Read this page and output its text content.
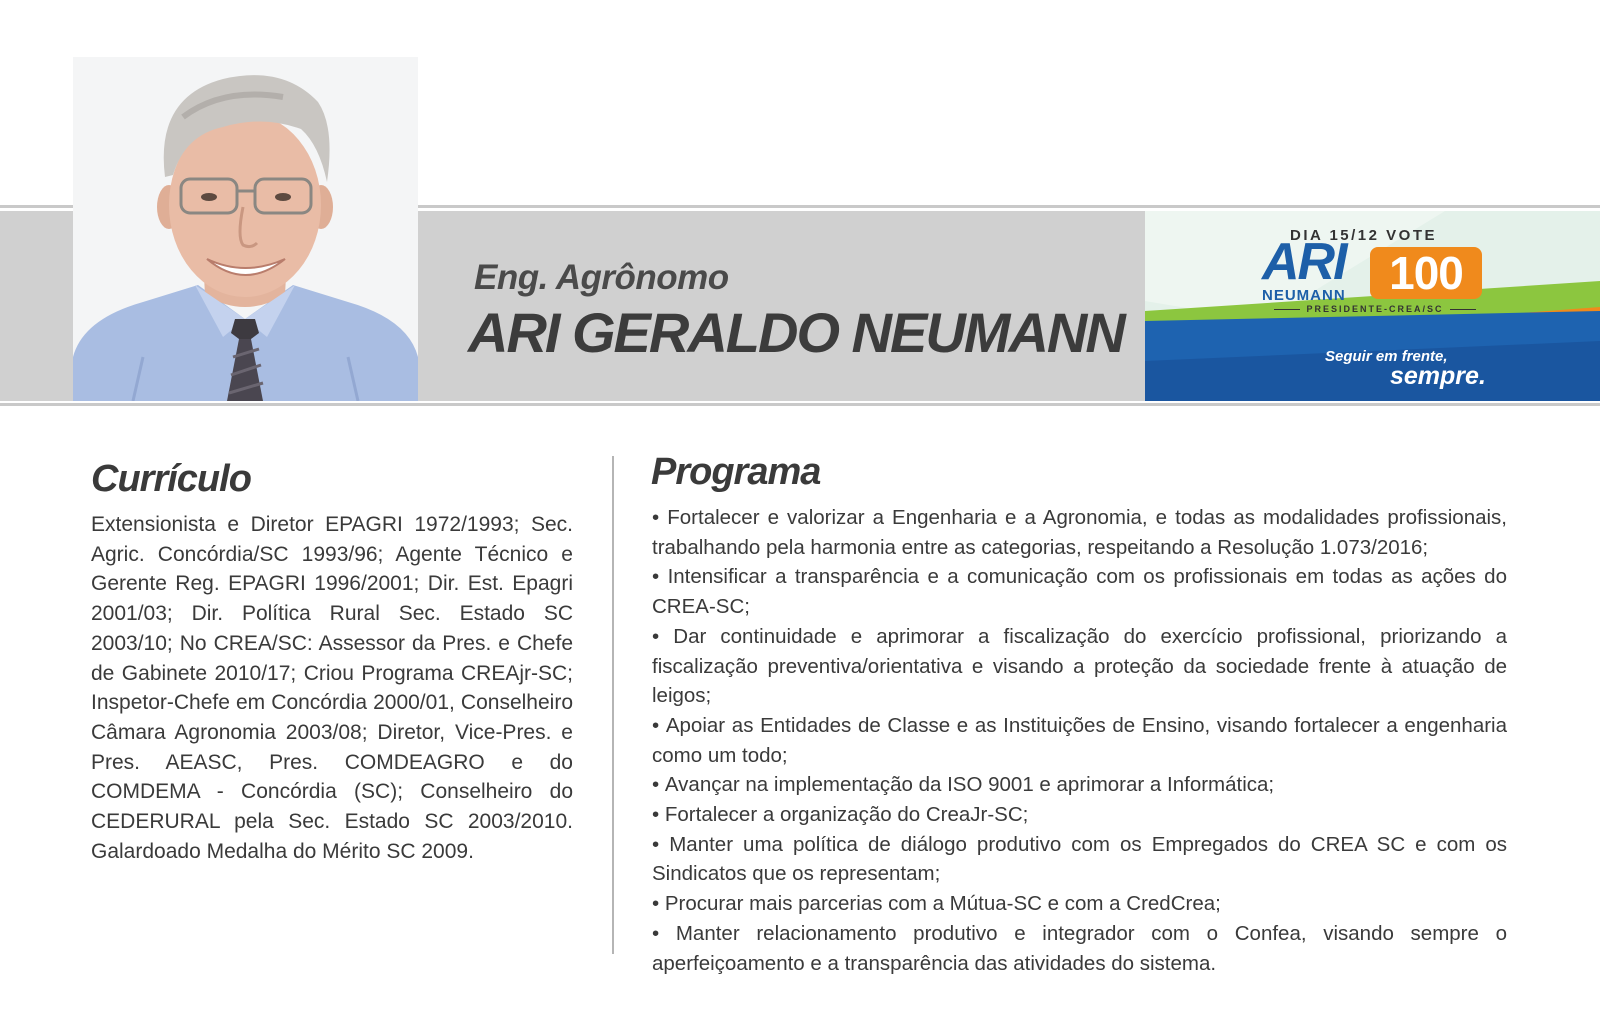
Eng. Agrônomo
ARI GERALDO NEUMANN
DIA 15/12 VOTE
ARI
NEUMANN 100
PRESIDENTE-CREA/SC
Seguir em frente,
sempre.
Currículo
Extensionista e Diretor EPAGRI 1972/1993; Sec. Agric. Concórdia/SC 1993/96; Agente Técnico e Gerente Reg. EPAGRI 1996/2001; Dir. Est. Epagri 2001/03; Dir. Política Rural Sec. Estado SC 2003/10; No CREA/SC: Assessor da Pres. e Chefe de Gabinete 2010/17; Criou Programa CREAjr-SC; Inspetor-Chefe em Concórdia 2000/01, Conselheiro Câmara Agronomia 2003/08; Diretor, Vice-Pres. e Pres. AEASC, Pres. COMDEAGRO e do COMDEMA - Concórdia (SC); Conselheiro do CEDERURAL pela Sec. Estado SC 2003/2010. Galardoado Medalha do Mérito SC 2009.
Programa
• Fortalecer e valorizar a Engenharia e a Agronomia, e todas as modalidades profissionais, trabalhando pela harmonia entre as categorias, respeitando a Resolução 1.073/2016;
• Intensificar a transparência e a comunicação com os profissionais em todas as ações do CREA-SC;
• Dar continuidade e aprimorar a fiscalização do exercício profissional, priorizando a fiscalização preventiva/orientativa e visando a proteção da sociedade frente à atuação de leigos;
• Apoiar as Entidades de Classe e as Instituições de Ensino, visando fortalecer a engenharia como um todo;
• Avançar na implementação da ISO 9001 e aprimorar a Informática;
• Fortalecer a organização do CreaJr-SC;
• Manter uma política de diálogo produtivo com os Empregados do CREA SC e com os Sindicatos que os representam;
• Procurar mais parcerias com a Mútua-SC e com a CredCrea;
• Manter relacionamento produtivo e integrador com o Confea, visando sempre o aperfeiçoamento e a transparência das atividades do sistema.
